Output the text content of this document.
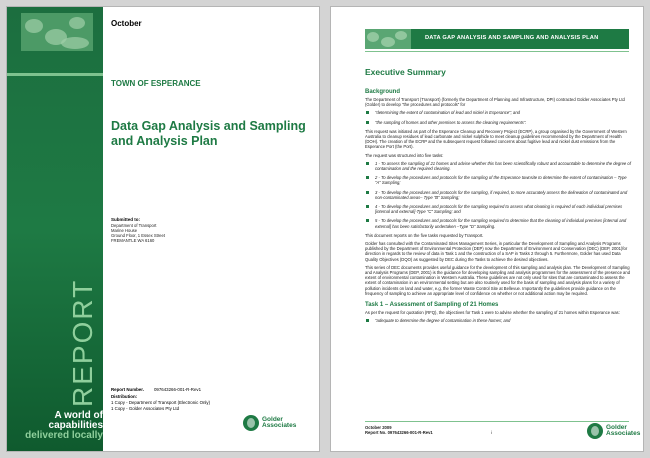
REPORT
A world of
capabilities
delivered locally
October
TOWN OF ESPERANCE
Data Gap Analysis and Sampling and Analysis Plan
Submitted to:
Department of Transport
Marine House
Ground Floor, 1 Essex Street
FREMANTLE WA 6160
Report Number. 097643266-001-R-Rev1
Distribution:
1 Copy - Department of Transport (Electronic Only)
1 Copy - Golder Associates Pty Ltd
Golder
Associates
DATA GAP ANALYSIS AND SAMPLING AND ANALYSIS PLAN
Executive Summary
Background
The Department of Transport (Transport) (formerly the Department of Planning and Infrastructure, DPI) contracted Golder Associates Pty Ltd (Golder) to develop "the procedures and protocols" for
"determining the extent of contamination of lead and nickel in Esperance"; and
"the sampling of homes and other premises to assess the cleaning requirements".
This request was initiated as part of the Esperance Cleanup and Recovery Project (ECRP), a group organised by the Government of Western Australia to cleanup residues of lead carbonate and nickel sulphide to meet cleanup guidelines recommended by the Department of Health (DOH). The creation of the ECRP and the subsequent request followed concerns about fugitive lead and nickel dust emissions from the Esperance Port (the Port).
The request was structured into five tasks:
1 - To assess the sampling of 21 homes and advise whether this has been scientifically robust and accountable to determine the degree of contamination and the required cleaning.
2 - To develop the procedures and protocols for the sampling of the Esperance townsite to determine the extent of contamination – Type "A" Sampling;
3 - To develop the procedures and protocols for the sampling, if required, to more accurately assess the delineation of contaminated and non-contaminated areas– Type "B" Sampling;
4 - To develop the procedures and protocols for the sampling required to assess what cleaning is required of each individual premises [internal and external]-Type "C" Sampling; and
5 - To develop the procedures and protocols for the sampling required to determine that the cleaning of individual premises [internal and external] has been satisfactorily undertaken –Type "D" Sampling.
This document reports on the five tasks requested by Transport.
Golder has consulted with the Contaminated Sites Management Series, in particular the Development of Sampling and Analysis Programs published by the Department of Environmental Protection (DEP) now the Department of Environment and Conservation (DEC) (DEP, 2001)for direction in regards to the review of data in Task 1 and the construction of a SAP in Tasks 2 through 5. Furthermore, Golder has used Data Quality Objectives (DQO) as suggested by DEC during the Tasks to achieve the desired objectives.
This series of DEC documents provides useful guidance for the development of this sampling and analysis plan. The Development of Sampling and Analysis Programs (DEP, 2001) is the guidance for developing sampling and analysis programmes for the assessment of the presence and extent of environmental contamination in Western Australia. These guidelines are not only used for sites that are contaminated to assess the extent of contamination in an environmental setting but are also routinely used for the basis of sampling and analysis plans for a variety of pollution incidents on land and water, e.g. the former Waste Control Site at Bellevue. Importantly the guidelines provide guidance on the frequency of sampling to achieve an appropriate level of confidence on whether or not additional action may be required.
Task 1 – Assessment of Sampling of 21 Homes
As per the request for quotation (RFQ), the objectives for Task 1 were to advise whether the sampling of 21 homes within Esperance was:
"adequate to determine the degree of contamination in these homes; and
October 2009
Report No. 097643266-001-R-Rev1	i
Golder
Associates
